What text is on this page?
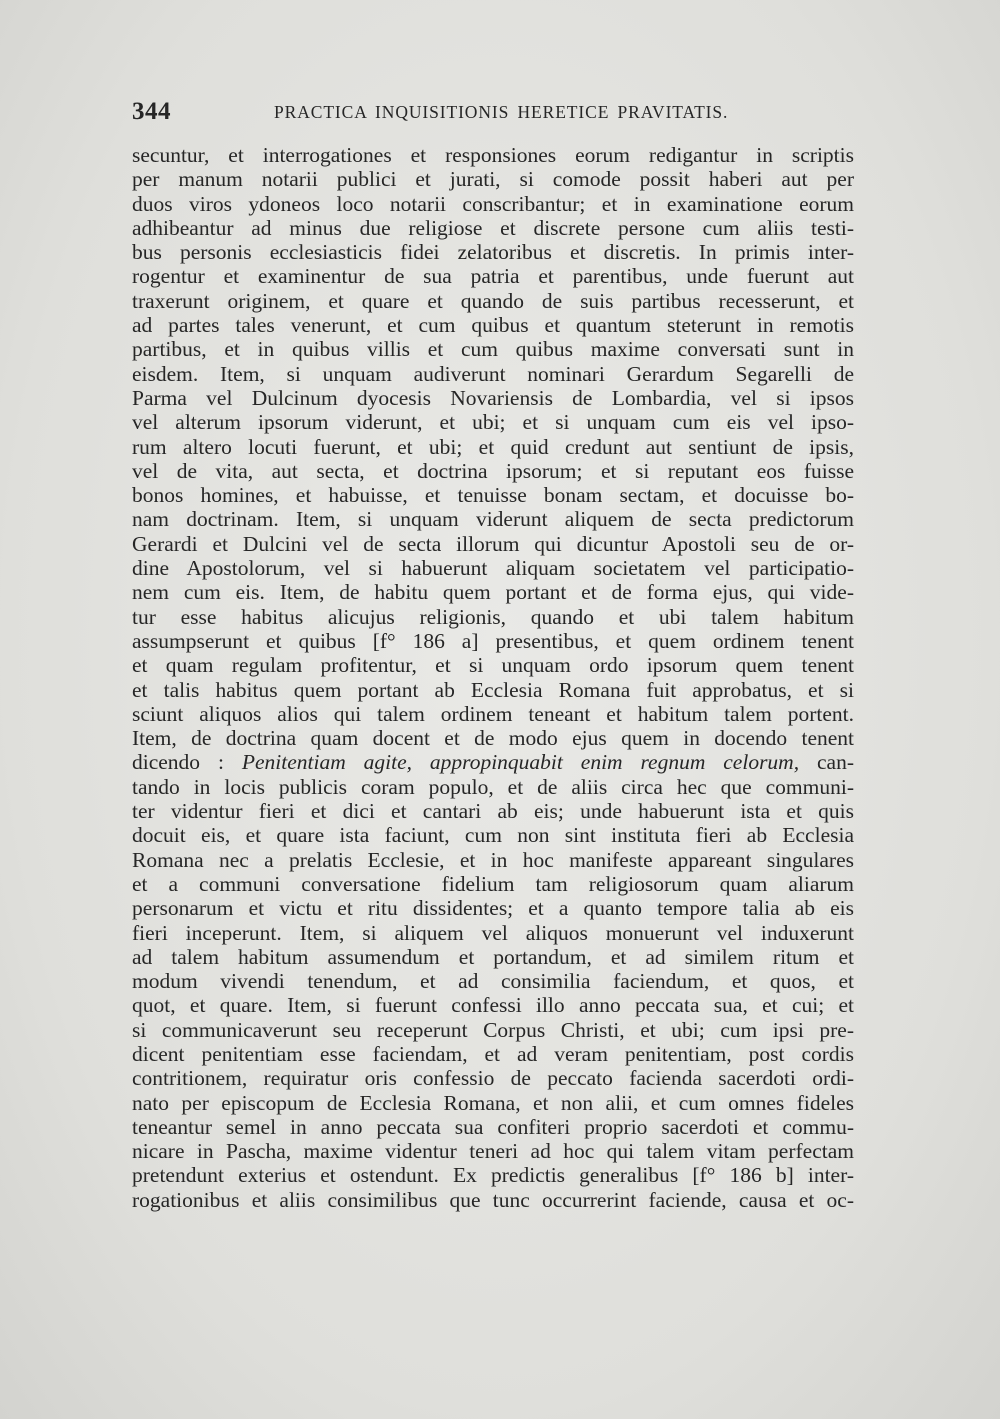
344	PRACTICA INQUISITIONIS HERETICE PRAVITATIS.
secuntur, et interrogationes et responsiones eorum redigantur in scriptis
per manum notarii publici et jurati, si comode possit haberi aut per
duos viros ydoneos loco notarii conscribantur; et in examinatione eorum
adhibeantur ad minus due religiose et discrete persone cum aliis testi-
bus personis ecclesiasticis fidei zelatoribus et discretis. In primis inter-
rogentur et examinentur de sua patria et parentibus, unde fuerunt aut
traxerunt originem, et quare et quando de suis partibus recesserunt, et
ad partes tales venerunt, et cum quibus et quantum steterunt in remotis
partibus, et in quibus villis et cum quibus maxime conversati sunt in
eisdem. Item, si unquam audiverunt nominari Gerardum Segarelli de
Parma vel Dulcinum dyocesis Novariensis de Lombardia, vel si ipsos
vel alterum ipsorum viderunt, et ubi; et si unquam cum eis vel ipso-
rum altero locuti fuerunt, et ubi; et quid credunt aut sentiunt de ipsis,
vel de vita, aut secta, et doctrina ipsorum; et si reputant eos fuisse
bonos homines, et habuisse, et tenuisse bonam sectam, et docuisse bo-
nam doctrinam. Item, si unquam viderunt aliquem de secta predictorum
Gerardi et Dulcini vel de secta illorum qui dicuntur Apostoli seu de or-
dine Apostolorum, vel si habuerunt aliquam societatem vel participatio-
nem cum eis. Item, de habitu quem portant et de forma ejus, qui vide-
tur esse habitus alicujus religionis, quando et ubi talem habitum
assumpserunt et quibus [f° 186 a] presentibus, et quem ordinem tenent
et quam regulam profitentur, et si unquam ordo ipsorum quem tenent
et talis habitus quem portant ab Ecclesia Romana fuit approbatus, et si
sciunt aliquos alios qui talem ordinem teneant et habitum talem portent.
Item, de doctrina quam docent et de modo ejus quem in docendo tenent
dicendo : Penitentiam agite, appropinquabit enim regnum celorum, can-
tando in locis publicis coram populo, et de aliis circa hec que communi-
ter videntur fieri et dici et cantari ab eis; unde habuerunt ista et quis
docuit eis, et quare ista faciunt, cum non sint instituta fieri ab Ecclesia
Romana nec a prelatis Ecclesie, et in hoc manifeste appareant singulares
et a communi conversatione fidelium tam religiosorum quam aliarum
personarum et victu et ritu dissidentes; et a quanto tempore talia ab eis
fieri inceperunt. Item, si aliquem vel aliquos monuerunt vel induxerunt
ad talem habitum assumendum et portandum, et ad similem ritum et
modum vivendi tenendum, et ad consimilia faciendum, et quos, et
quot, et quare. Item, si fuerunt confessi illo anno peccata sua, et cui; et
si communicaverunt seu receperunt Corpus Christi, et ubi; cum ipsi pre-
dicent penitentiam esse faciendam, et ad veram penitentiam, post cordis
contritionem, requiratur oris confessio de peccato facienda sacerdoti ordi-
nato per episcopum de Ecclesia Romana, et non alii, et cum omnes fideles
teneantur semel in anno peccata sua confiteri proprio sacerdoti et commu-
nicare in Pascha, maxime videntur teneri ad hoc qui talem vitam perfectam
pretendunt exterius et ostendunt. Ex predictis generalibus [f° 186 b] inter-
rogationibus et aliis consimilibus que tunc occurrerint faciende, causa et oc-
